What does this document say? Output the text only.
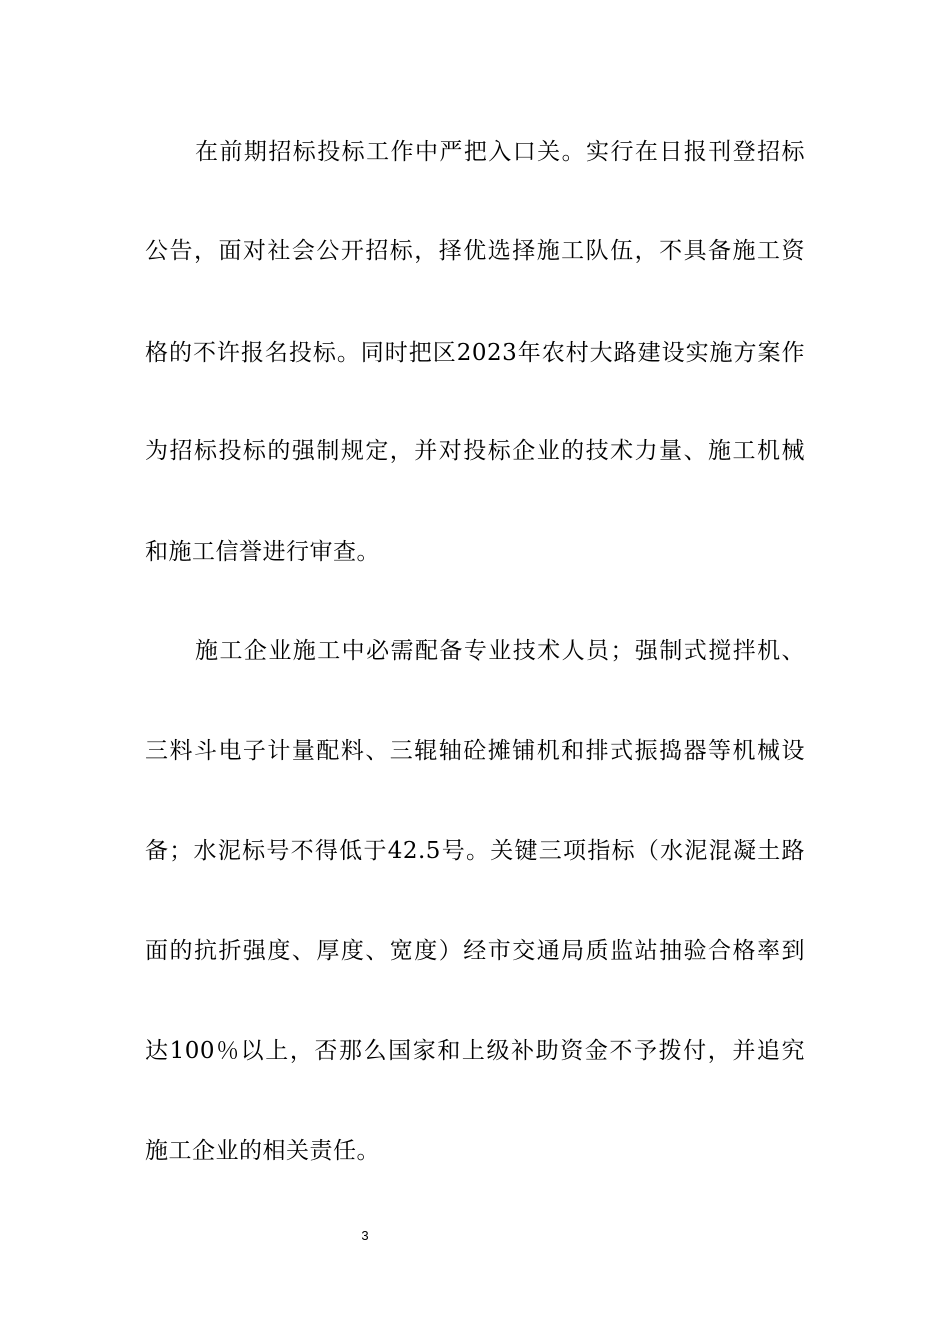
在前期招标投标工作中严把入口关。实行在日报刊登招标
公告，面对社会公开招标，择优选择施工队伍，不具备施工资
格的不许报名投标。同时把区2023年农村大路建设实施方案作
为招标投标的强制规定，并对投标企业的技术力量、施工机械
和施工信誉进行审查。
施工企业施工中必需配备专业技术人员；强制式搅拌机、
三料斗电子计量配料、三辊轴砼摊铺机和排式振捣器等机械设
备；水泥标号不得低于42.5号。关键三项指标（水泥混凝土路
面的抗折强度、厚度、宽度）经市交通局质监站抽验合格率到
达100％以上，否那么国家和上级补助资金不予拨付，并追究
施工企业的相关责任。
3
